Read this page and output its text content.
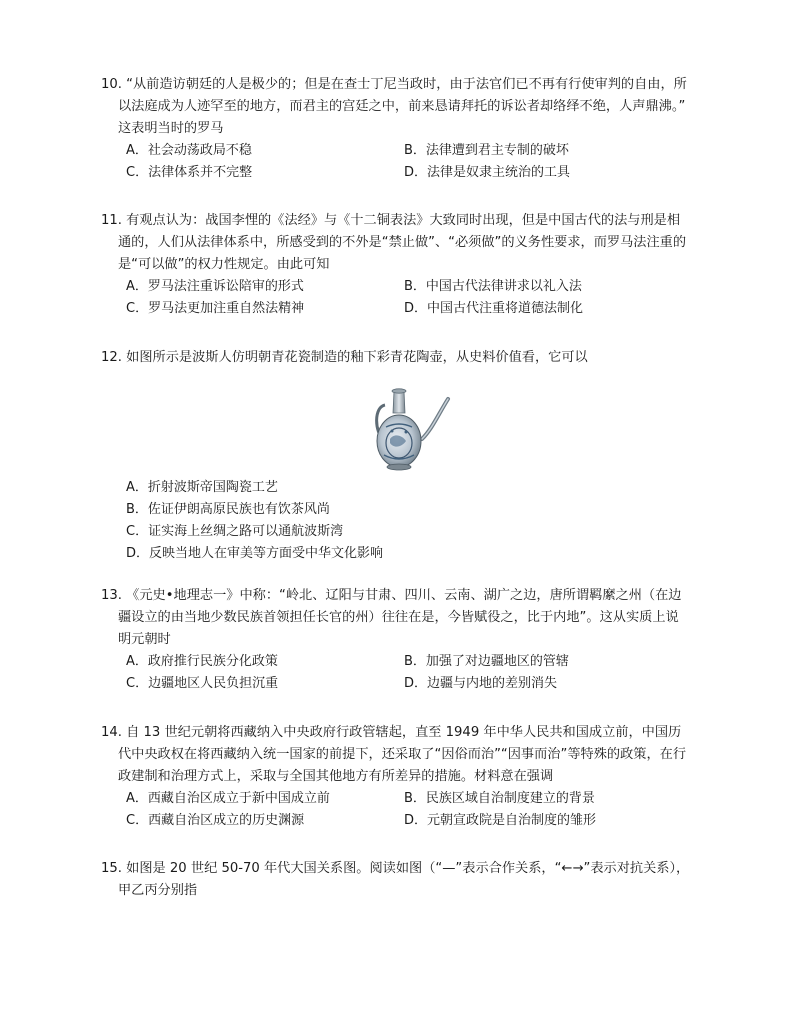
10. “从前造访朝廷的人是极少的；但是在查士丁尼当政时，由于法官们已不再有行使审判的自由，所
以法庭成为人迹罕至的地方，而君主的宫廷之中，前来恳请拜托的诉讼者却络绎不绝，人声鼎沸。”
这表明当时的罗马
A．社会动荡政局不稳	B．法律遭到君主专制的破坏
C．法律体系并不完整	D．法律是奴隶主统治的工具
11. 有观点认为：战国李悝的《法经》与《十二铜表法》大致同时出现，但是中国古代的法与刑是相
通的，人们从法律体系中，所感受到的不外是“禁止做”、“必须做”的义务性要求，而罗马法注重的
是“可以做”的权力性规定。由此可知
A．罗马法注重诉讼陪审的形式	B．中国古代法律讲求以礼入法
C．罗马法更加注重自然法精神	D．中国古代注重将道德法制化
12. 如图所示是波斯人仿明朝青花瓷制造的釉下彩青花陶壶，从史料价值看，它可以
A．折射波斯帝国陶瓷工艺
B．佐证伊朗高原民族也有饮茶风尚
C．证实海上丝绸之路可以通航波斯湾
D．反映当地人在审美等方面受中华文化影响
13. 《元史•地理志一》中称：“岭北、辽阳与甘肃、四川、云南、湖广之边，唐所谓羁縻之州（在边
疆设立的由当地少数民族首领担任长官的州）往往在是，今皆赋役之，比于内地”。这从实质上说
明元朝时
A．政府推行民族分化政策	B．加强了对边疆地区的管辖
C．边疆地区人民负担沉重	D．边疆与内地的差别消失
14. 自 13 世纪元朝将西藏纳入中央政府行政管辖起，直至 1949 年中华人民共和国成立前，中国历
代中央政权在将西藏纳入统一国家的前提下，还采取了“因俗而治”“因事而治”等特殊的政策，在行
政建制和治理方式上，采取与全国其他地方有所差异的措施。材料意在强调
A．西藏自治区成立于新中国成立前	B．民族区域自治制度建立的背景
C．西藏自治区成立的历史渊源	D．元朝宣政院是自治制度的雏形
15. 如图是 20 世纪 50-70 年代大国关系图。阅读如图（“—”表示合作关系，“←→”表示对抗关系），
甲乙丙分别指
